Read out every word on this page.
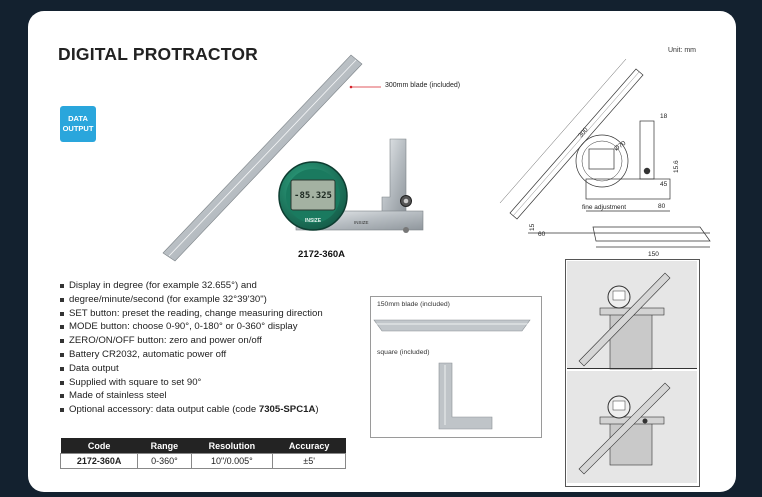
DIGITAL PROTRACTOR	Unit: mm
DATA
OUTPUT
INSIZE
-85.325
INSIZE
300mm blade (included)
2172-360A
300
18
Ø70
45
15.6
80
15
60
150
fine adjustment
Display in degree (for example 32.655°) and
degree/minute/second (for example 32°39'30")
SET button: preset the reading, change measuring direction
MODE button: choose 0-90°, 0-180° or 0-360° display
ZERO/ON/OFF button: zero and power on/off
Battery CR2032, automatic power off
Data output
Supplied with square to set 90°
Made of stainless steel
Optional accessory: data output cable (code 7305-SPC1A)
Code	Range	Resolution	Accuracy
2172-360A	0-360°	10"/0.005°	±5'
150mm blade (included)
square (included)
